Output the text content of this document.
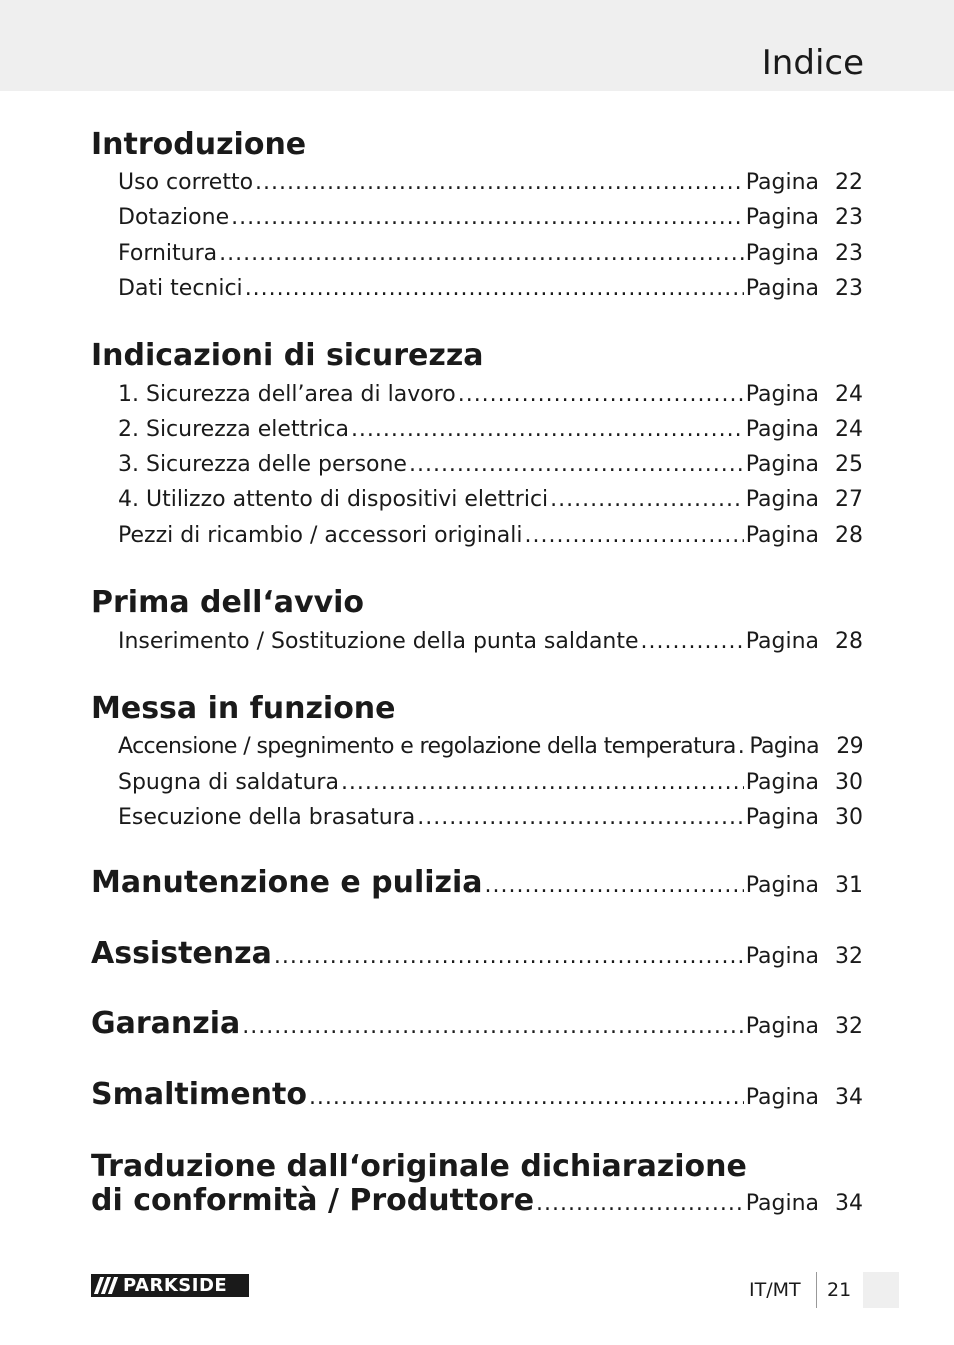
Indice
Introduzione
Uso corretto .....	Pagina 22
Dotazione .....	Pagina 23
Fornitura .....	Pagina 23
Dati tecnici .....	Pagina 23
Indicazioni di sicurezza
1. Sicurezza dell’area di lavoro .....	Pagina 24
2. Sicurezza elettrica .....	Pagina 24
3. Sicurezza delle persone .....	Pagina 25
4. Utilizzo attento di dispositivi elettrici .....	Pagina 27
Pezzi di ricambio / accessori originali .....	Pagina 28
Prima dell‘avvio
Inserimento / Sostituzione della punta saldante .....	Pagina 28
Messa in funzione
Accensione / spegnimento e regolazione della temperatura ..... Pagina 29
Spugna di saldatura .....	Pagina 30
Esecuzione della brasatura .....	Pagina 30
Manutenzione e pulizia .....	Pagina 31
Assistenza .....	Pagina 32
Garanzia .....	Pagina 32
Smaltimento .....	Pagina 34
Traduzione dall‘originale dichiarazione
di conformità / Produttore .....	Pagina 34
PARKSIDE	IT/MT 21
